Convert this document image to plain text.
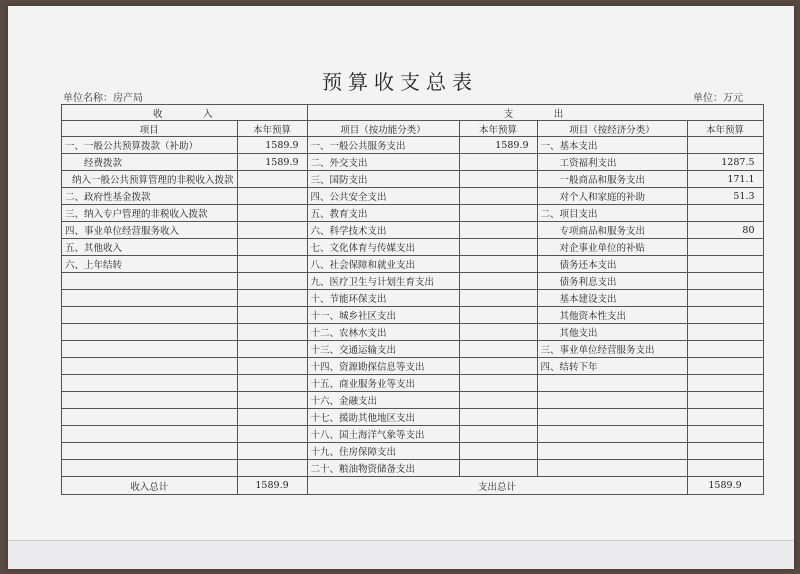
预算收支总表
单位名称：房产局	单位：万元
收　　　入		支　　　出			
项目	本年预算	项目（按功能分类）	本年预算	项目（按经济分类）	本年预算
一、一般公共预算拨款（补助）	1589.9	一、一般公共服务支出	1589.9	一、基本支出	
经费拨款	1589.9	二、外交支出		工资福利支出	1287.5
纳入一般公共预算管理的非税收入拨款		三、国防支出		一般商品和服务支出	171.1
二、政府性基金拨款		四、公共安全支出		对个人和家庭的补助	51.3
三、纳入专户管理的非税收入拨款		五、教育支出		二、项目支出	
四、事业单位经营服务收入		六、科学技术支出		专项商品和服务支出	80
五、其他收入		七、文化体育与传媒支出		对企事业单位的补贴	
六、上年结转		八、社会保障和就业支出		债务还本支出	
		九、医疗卫生与计划生育支出		债务利息支出	
		十、节能环保支出		基本建设支出	
		十一、城乡社区支出		其他资本性支出	
		十二、农林水支出		其他支出	
		十三、交通运输支出		三、事业单位经营服务支出	
		十四、资源勘探信息等支出		四、结转下年	
		十五、商业服务业等支出			
		十六、金融支出			
		十七、援助其他地区支出			
		十八、国土海洋气象等支出			
		十九、住房保障支出			
		二十、粮油物资储备支出			
收入总计	1589.9	支出总计			1589.9
